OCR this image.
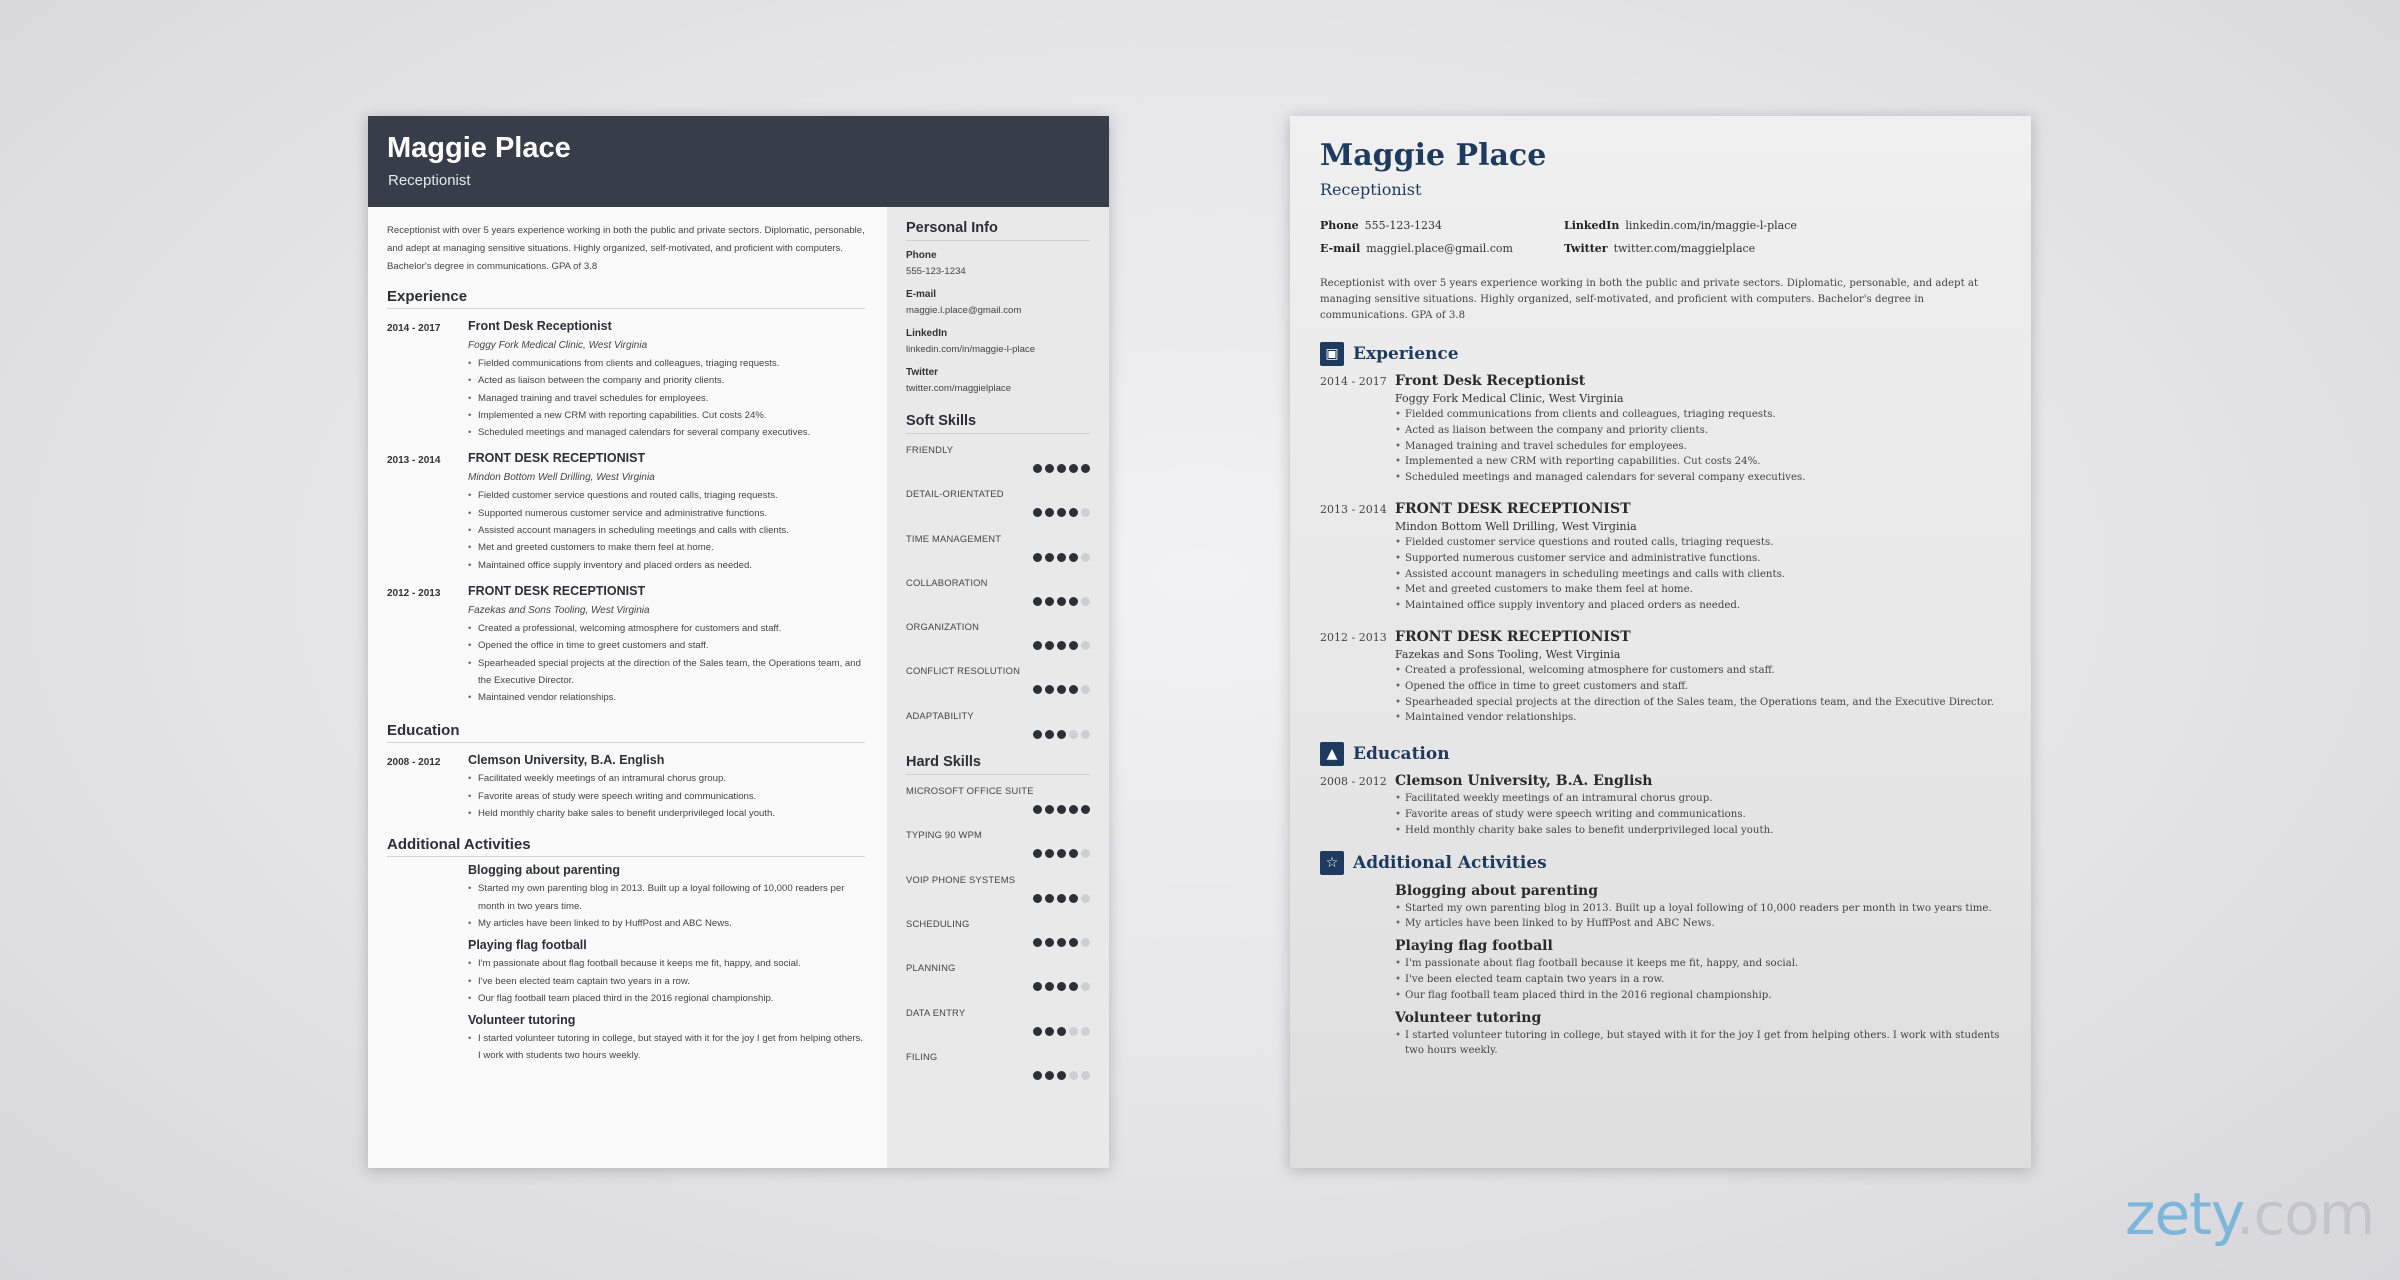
Maggie Place
Receptionist
Receptionist with over 5 years experience working in both the public and private sectors. Diplomatic, personable, and adept at managing sensitive situations. Highly organized, self-motivated, and proficient with computers. Bachelor's degree in communications. GPA of 3.8
Experience
2014 - 2017	Front Desk Receptionist
Foggy Fork Medical Clinic, West Virginia
• Fielded communications from clients and colleagues, triaging requests.
• Acted as liaison between the company and priority clients.
• Managed training and travel schedules for employees.
• Implemented a new CRM with reporting capabilities. Cut costs 24%.
• Scheduled meetings and managed calendars for several company executives.
2013 - 2014	FRONT DESK RECEPTIONIST
Mindon Bottom Well Drilling, West Virginia
• Fielded customer service questions and routed calls, triaging requests.
• Supported numerous customer service and administrative functions.
• Assisted account managers in scheduling meetings and calls with clients.
• Met and greeted customers to make them feel at home.
• Maintained office supply inventory and placed orders as needed.
2012 - 2013	FRONT DESK RECEPTIONIST
Fazekas and Sons Tooling, West Virginia
• Created a professional, welcoming atmosphere for customers and staff.
• Opened the office in time to greet customers and staff.
• Spearheaded special projects at the direction of the Sales team, the Operations team, and the Executive Director.
• Maintained vendor relationships.
Education
2008 - 2012	Clemson University, B.A. English
• Facilitated weekly meetings of an intramural chorus group.
• Favorite areas of study were speech writing and communications.
• Held monthly charity bake sales to benefit underprivileged local youth.
Additional Activities
Blogging about parenting
• Started my own parenting blog in 2013. Built up a loyal following of 10,000 readers per month in two years time.
• My articles have been linked to by HuffPost and ABC News.
Playing flag football
• I'm passionate about flag football because it keeps me fit, happy, and social.
• I've been elected team captain two years in a row.
• Our flag football team placed third in the 2016 regional championship.
Volunteer tutoring
• I started volunteer tutoring in college, but stayed with it for the joy I get from helping others. I work with students two hours weekly.
Personal Info
Phone
555-123-1234
E-mail
maggie.l.place@gmail.com
LinkedIn
linkedin.com/in/maggie-l-place
Twitter
twitter.com/maggielplace
Soft Skills
FRIENDLY
DETAIL-ORIENTATED
TIME MANAGEMENT
COLLABORATION
ORGANIZATION
CONFLICT RESOLUTION
ADAPTABILITY
Hard Skills
MICROSOFT OFFICE SUITE
TYPING 90 WPM
VOIP PHONE SYSTEMS
SCHEDULING
PLANNING
DATA ENTRY
FILING
Maggie Place
Receptionist
Phone 555-123-1234	LinkedIn linkedin.com/in/maggie-l-place
E-mail maggiel.place@gmail.com	Twitter twitter.com/maggielplace
Receptionist with over 5 years experience working in both the public and private sectors. Diplomatic, personable, and adept at managing sensitive situations. Highly organized, self-motivated, and proficient with computers. Bachelor's degree in communications. GPA of 3.8
▣ Experience
2014 - 2017 Front Desk Receptionist
Foggy Fork Medical Clinic, West Virginia
• Fielded communications from clients and colleagues, triaging requests.
• Acted as liaison between the company and priority clients.
• Managed training and travel schedules for employees.
• Implemented a new CRM with reporting capabilities. Cut costs 24%.
• Scheduled meetings and managed calendars for several company executives.
2013 - 2014 FRONT DESK RECEPTIONIST
Mindon Bottom Well Drilling, West Virginia
• Fielded customer service questions and routed calls, triaging requests.
• Supported numerous customer service and administrative functions.
• Assisted account managers in scheduling meetings and calls with clients.
• Met and greeted customers to make them feel at home.
• Maintained office supply inventory and placed orders as needed.
2012 - 2013 FRONT DESK RECEPTIONIST
Fazekas and Sons Tooling, West Virginia
• Created a professional, welcoming atmosphere for customers and staff.
• Opened the office in time to greet customers and staff.
• Spearheaded special projects at the direction of the Sales team, the Operations team, and the Executive Director.
• Maintained vendor relationships.
▲ Education
2008 - 2012 Clemson University, B.A. English
• Facilitated weekly meetings of an intramural chorus group.
• Favorite areas of study were speech writing and communications.
• Held monthly charity bake sales to benefit underprivileged local youth.
☆ Additional Activities
Blogging about parenting
• Started my own parenting blog in 2013. Built up a loyal following of 10,000 readers per month in two years time.
• My articles have been linked to by HuffPost and ABC News.
Playing flag football
• I'm passionate about flag football because it keeps me fit, happy, and social.
• I've been elected team captain two years in a row.
• Our flag football team placed third in the 2016 regional championship.
Volunteer tutoring
• I started volunteer tutoring in college, but stayed with it for the joy I get from helping others. I work with students two hours weekly.
zety.com
